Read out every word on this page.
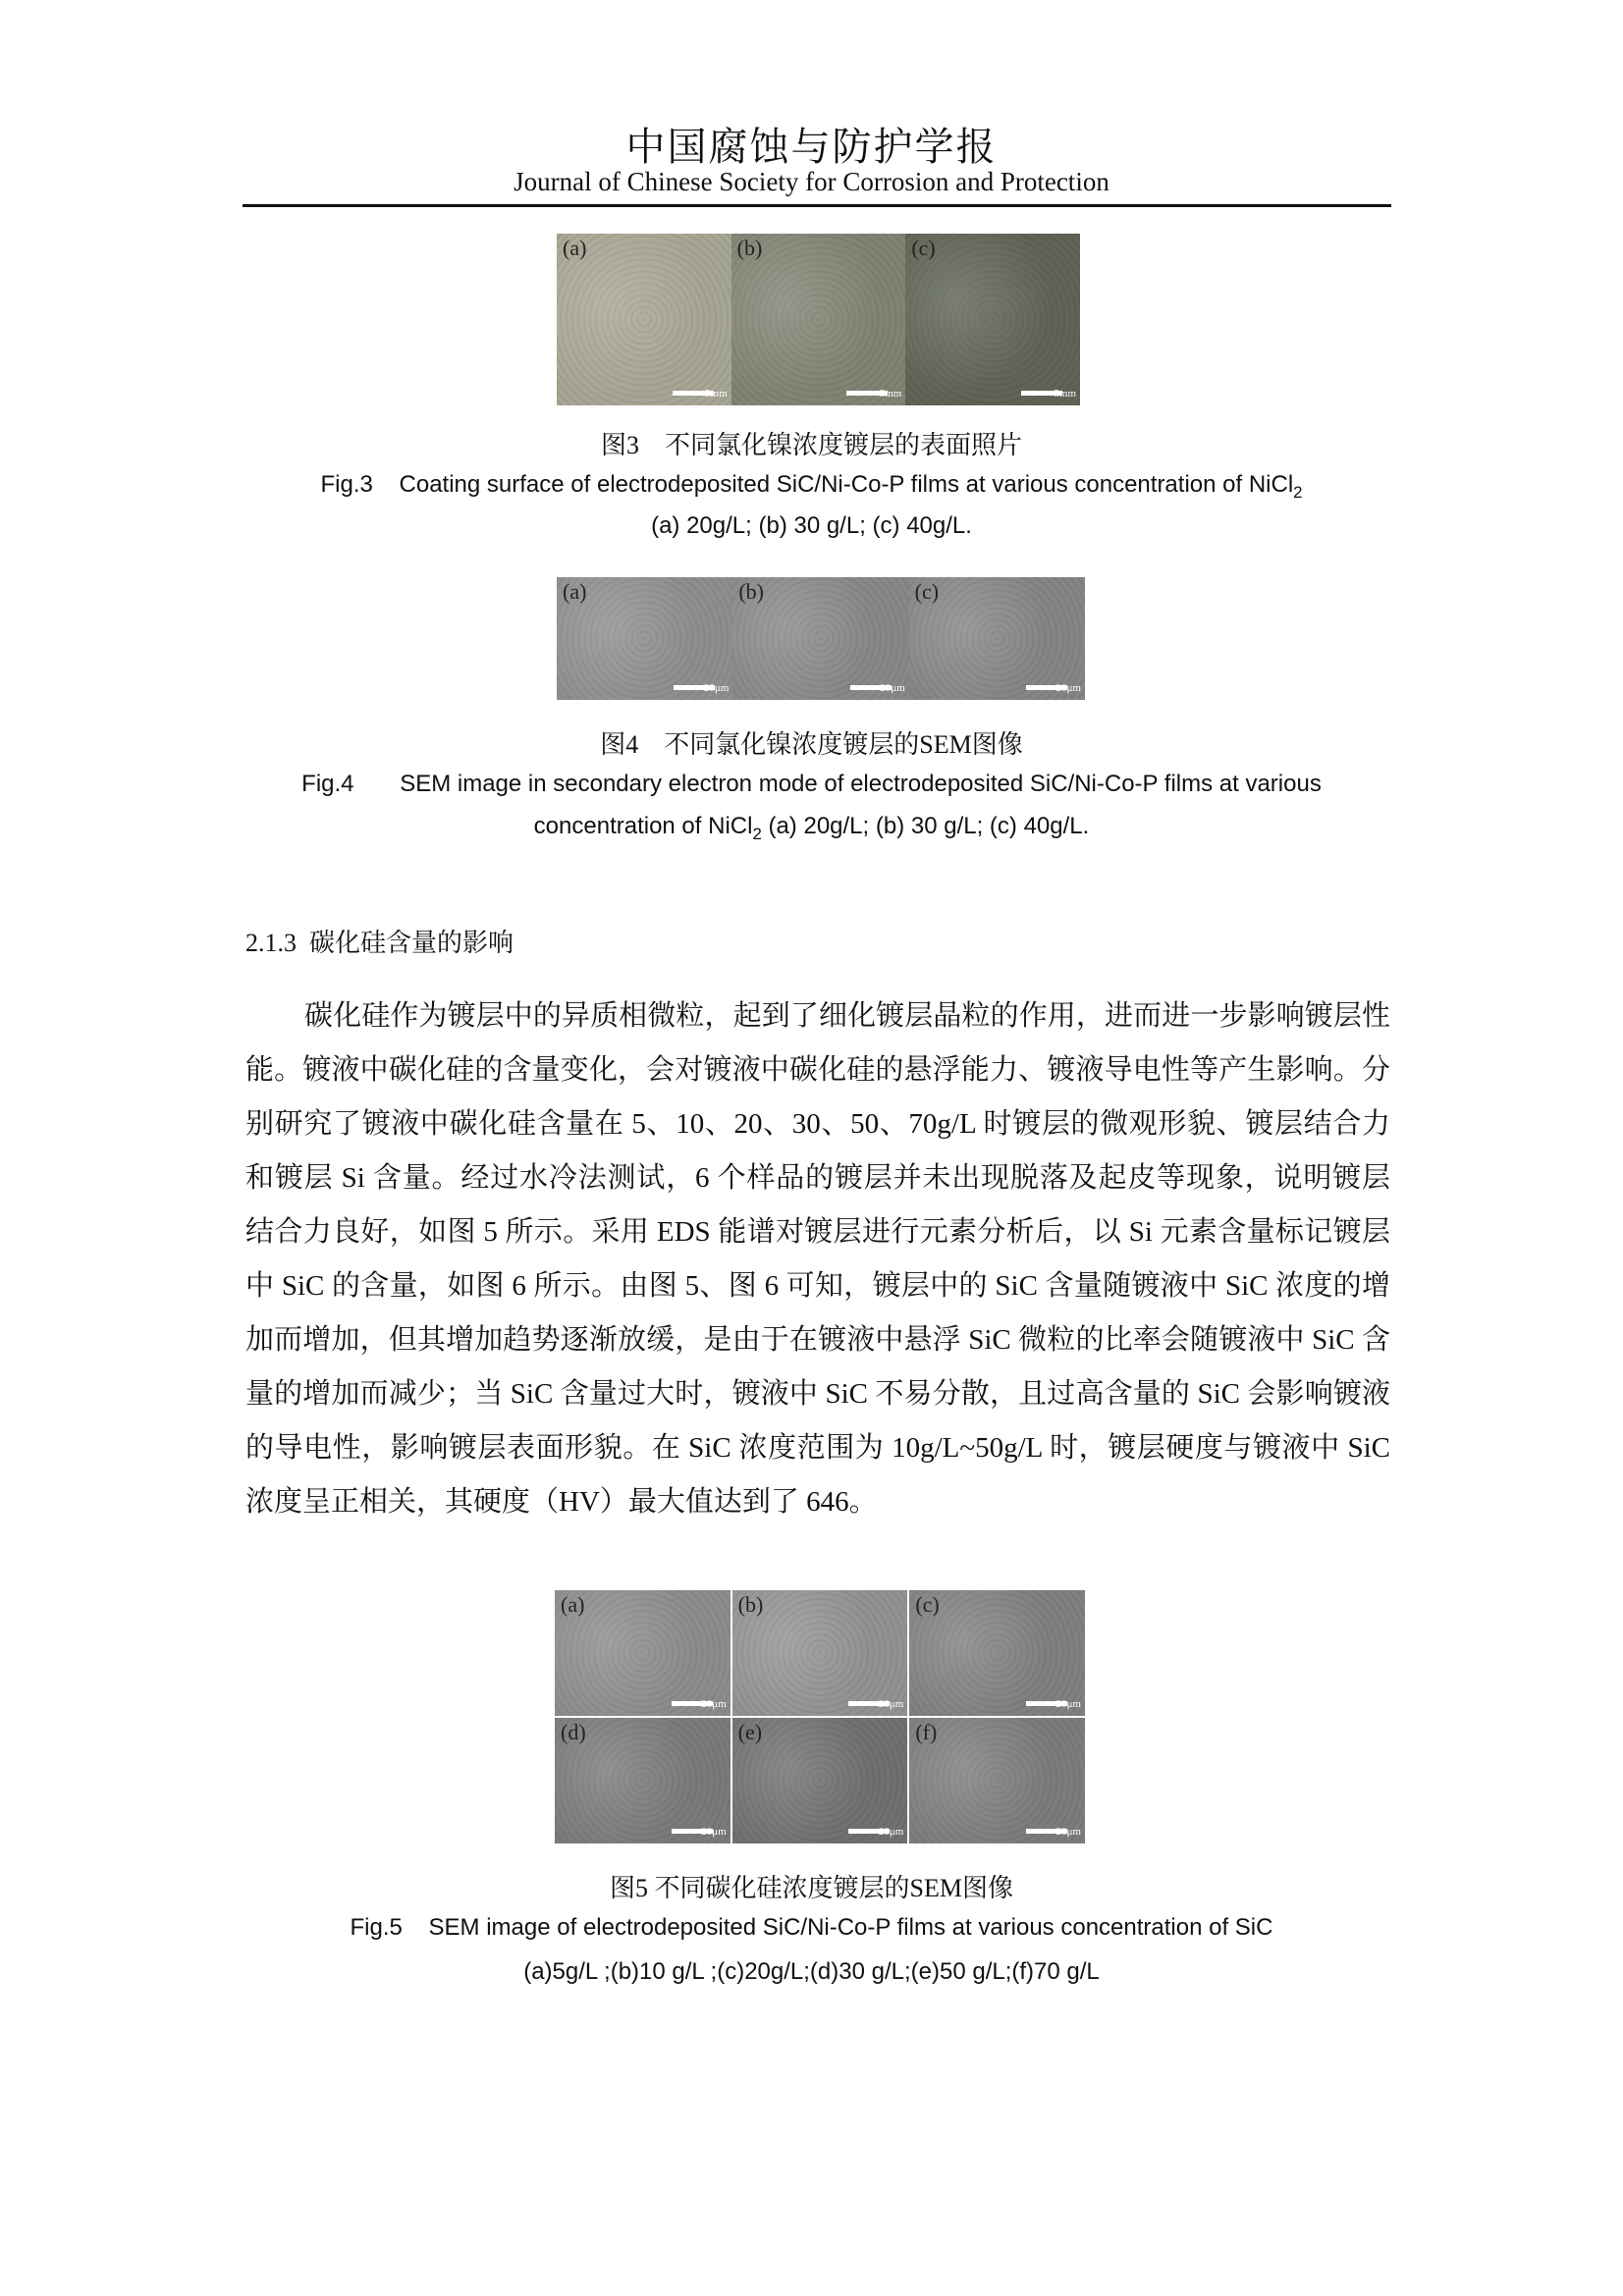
中国腐蚀与防护学报
Journal of Chinese Society for Corrosion and Protection
(a)
5mm
(b)
5mm
(c)
5mm
图3　不同氯化镍浓度镀层的表面照片
Fig.3    Coating surface of electrodeposited SiC/Ni-Co-P films at various concentration of NiCl$_2$
(a) 20g/L; (b) 30 g/L; (c) 40g/L.
(a)
20μm
(b)
20μm
(c)
20μm
图4　不同氯化镍浓度镀层的SEM图像
Fig.4       SEM image in secondary electron mode of electrodeposited SiC/Ni-Co-P films at various
concentration of NiCl$_2$ (a) 20g/L; (b) 30 g/L; (c) 40g/L.
2.1.3  碳化硅含量的影响
碳化硅作为镀层中的异质相微粒，起到了细化镀层晶粒的作用，进而进一步影响镀层性
能。镀液中碳化硅的含量变化，会对镀液中碳化硅的悬浮能力、镀液导电性等产生影响。分
别研究了镀液中碳化硅含量在 5、10、20、30、50、70g/L 时镀层的微观形貌、镀层结合力
和镀层 Si 含量。经过水冷法测试，6 个样品的镀层并未出现脱落及起皮等现象，说明镀层
结合力良好，如图 5 所示。采用 EDS 能谱对镀层进行元素分析后，以 Si 元素含量标记镀层
中 SiC 的含量，如图 6 所示。由图 5、图 6 可知，镀层中的 SiC 含量随镀液中 SiC 浓度的增
加而增加，但其增加趋势逐渐放缓，是由于在镀液中悬浮 SiC 微粒的比率会随镀液中 SiC 含
量的增加而减少；当 SiC 含量过大时，镀液中 SiC 不易分散，且过高含量的 SiC 会影响镀液
的导电性，影响镀层表面形貌。在 SiC 浓度范围为 10g/L~50g/L 时，镀层硬度与镀液中 SiC
浓度呈正相关，其硬度（HV）最大值达到了 646。
(a)
20μm
(b)
20μm
(c)
20μm
(d)
20μm
(e)
20μm
(f)
20μm
图5 不同碳化硅浓度镀层的SEM图像
Fig.5    SEM image of electrodeposited SiC/Ni-Co-P films at various concentration of SiC
(a)5g/L ;(b)10 g/L ;(c)20g/L;(d)30 g/L;(e)50 g/L;(f)70 g/L
